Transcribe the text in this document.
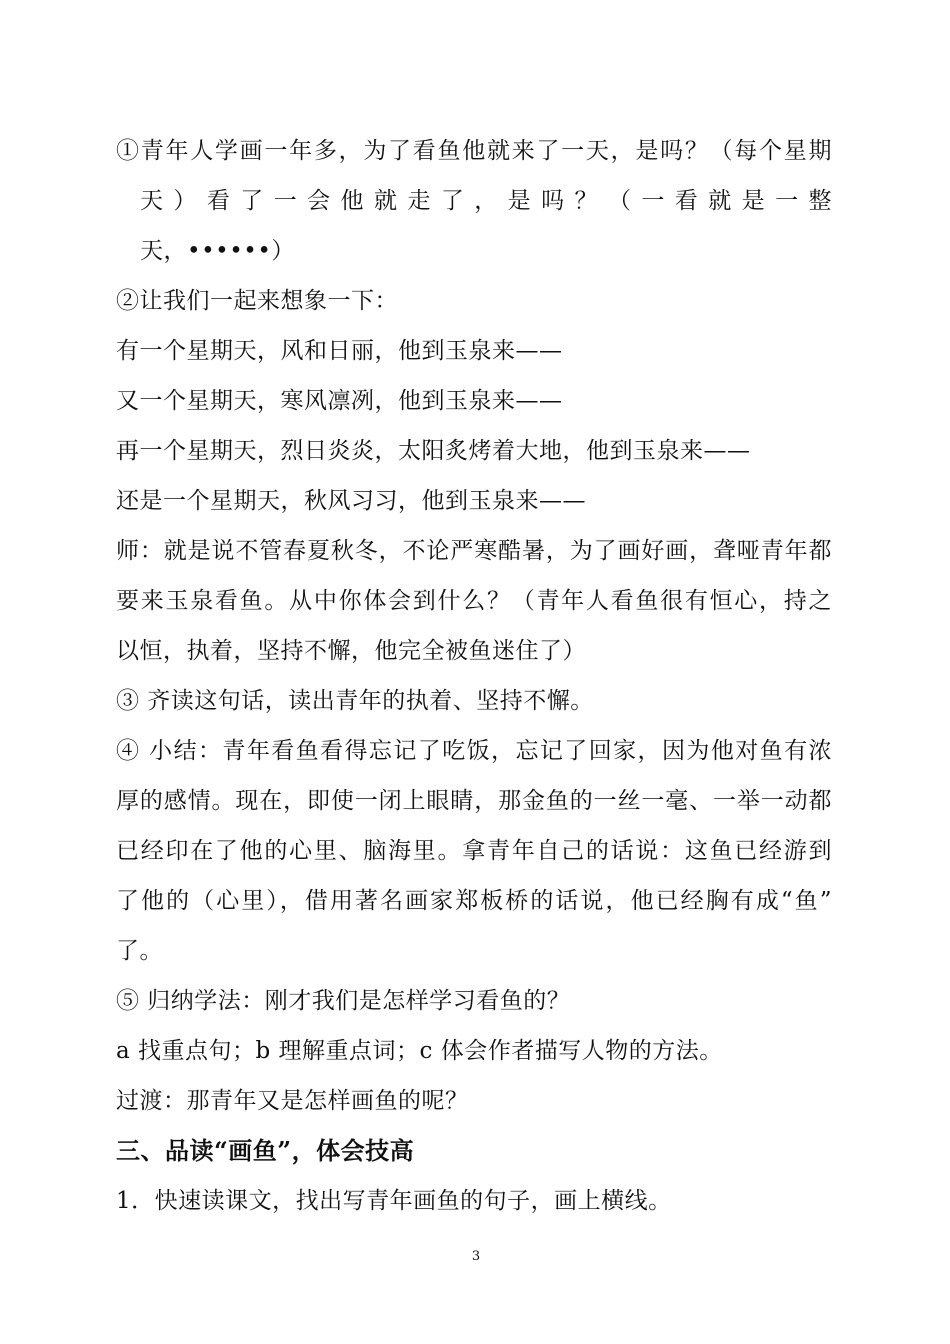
①青年人学画一年多，为了看鱼他就来了一天，是吗？（每个星期
天）看了一会他就走了，是吗？（一看就是一整
天，••••••）
②让我们一起来想象一下：
有一个星期天，风和日丽，他到玉泉来——
又一个星期天，寒风凛冽，他到玉泉来——
再一个星期天，烈日炎炎，太阳炙烤着大地，他到玉泉来——
还是一个星期天，秋风习习，他到玉泉来——
师：就是说不管春夏秋冬，不论严寒酷暑，为了画好画，聋哑青年都
要来玉泉看鱼。从中你体会到什么？（青年人看鱼很有恒心，持之
以恒，执着，坚持不懈，他完全被鱼迷住了）
③ 齐读这句话，读出青年的执着、坚持不懈。
④ 小结：青年看鱼看得忘记了吃饭，忘记了回家，因为他对鱼有浓
厚的感情。现在，即使一闭上眼睛，那金鱼的一丝一毫、一举一动都
已经印在了他的心里、脑海里。拿青年自己的话说：这鱼已经游到
了他的（心里），借用著名画家郑板桥的话说，他已经胸有成“鱼”
了。
⑤ 归纳学法：刚才我们是怎样学习看鱼的？
a 找重点句；b 理解重点词；c 体会作者描写人物的方法。
过渡：那青年又是怎样画鱼的呢？
三、品读“画鱼”，体会技高
1．快速读课文，找出写青年画鱼的句子，画上横线。
3
